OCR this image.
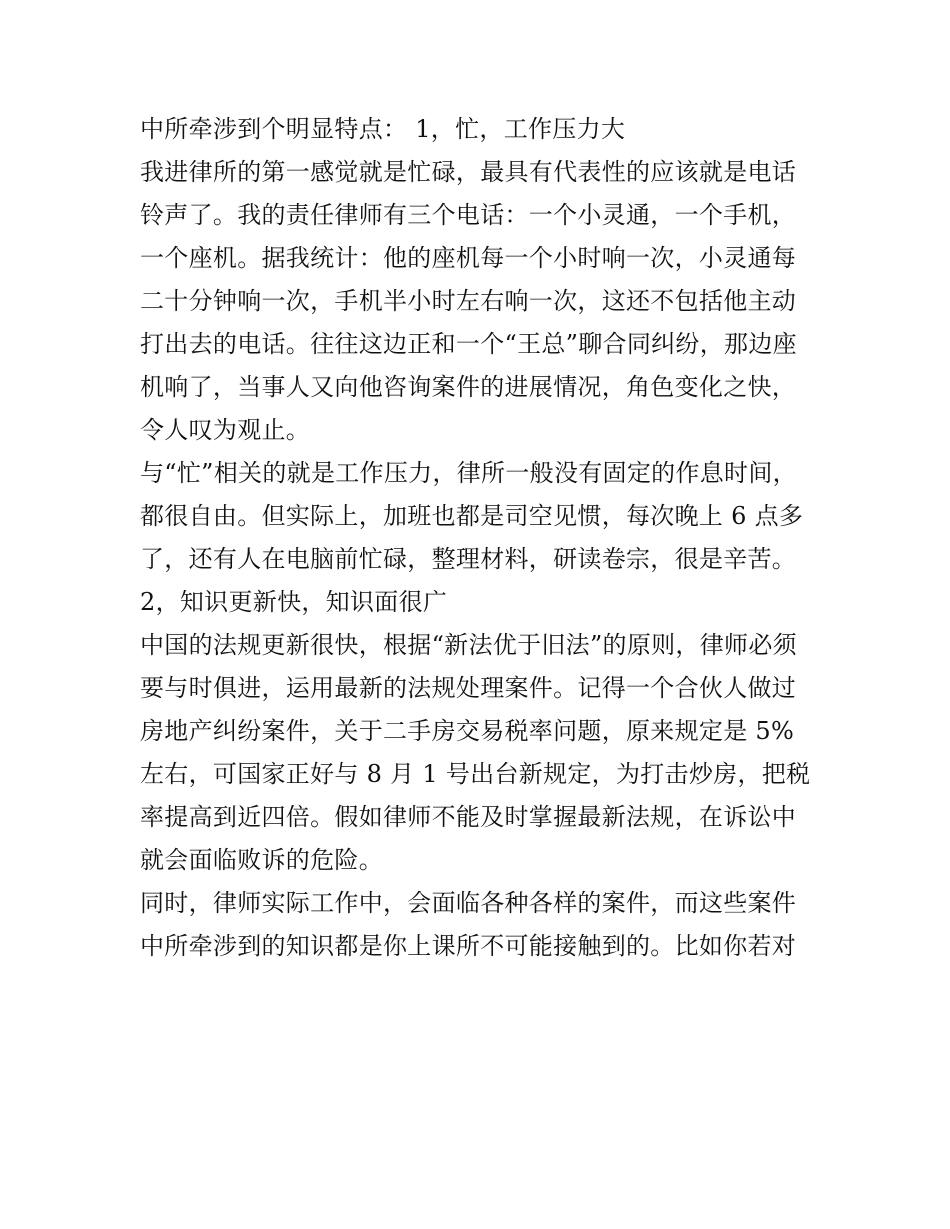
中所牵涉到个明显特点： 1，忙，工作压力大
我进律所的第一感觉就是忙碌，最具有代表性的应该就是电话
铃声了。我的责任律师有三个电话：一个小灵通，一个手机，
一个座机。据我统计：他的座机每一个小时响一次，小灵通每
二十分钟响一次，手机半小时左右响一次，这还不包括他主动
打出去的电话。往往这边正和一个“王总”聊合同纠纷，那边座
机响了，当事人又向他咨询案件的进展情况，角色变化之快，
令人叹为观止。
与“忙”相关的就是工作压力，律所一般没有固定的作息时间，
都很自由。但实际上，加班也都是司空见惯，每次晚上 6 点多
了，还有人在电脑前忙碌，整理材料，研读卷宗，很是辛苦。
2，知识更新快，知识面很广
中国的法规更新很快，根据“新法优于旧法”的原则，律师必须
要与时俱进，运用最新的法规处理案件。记得一个合伙人做过
房地产纠纷案件，关于二手房交易税率问题，原来规定是 5%
左右，可国家正好与 8 月 1 号出台新规定，为打击炒房，把税
率提高到近四倍。假如律师不能及时掌握最新法规，在诉讼中
就会面临败诉的危险。
同时，律师实际工作中，会面临各种各样的案件，而这些案件
中所牵涉到的知识都是你上课所不可能接触到的。比如你若对
